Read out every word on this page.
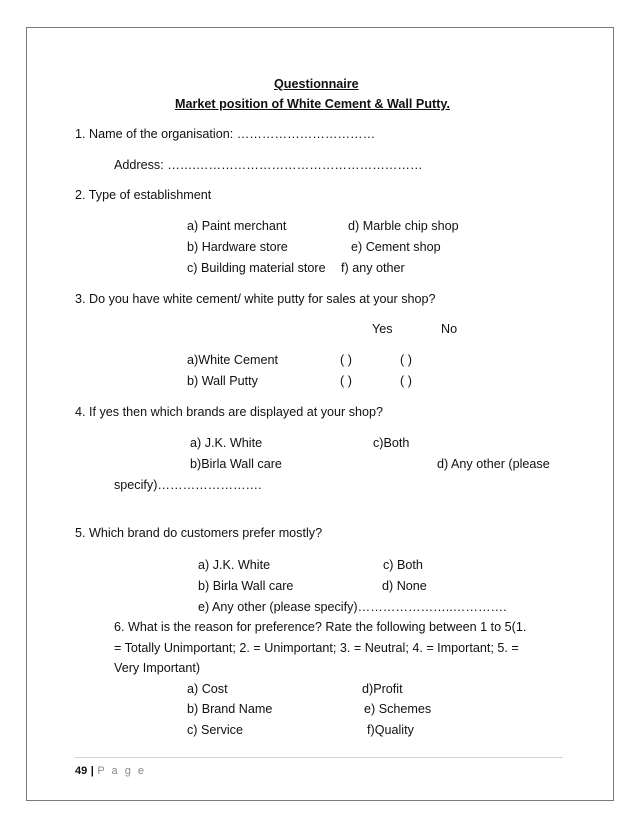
Questionnaire
Market position of White Cement & Wall Putty.
1. Name of the organisation: ……………………………
Address: …….………………………………………………
2. Type of establishment
a) Paint merchant	d) Marble chip shop
b) Hardware store	e) Cement shop
c) Building material store f) any other
3. Do you have white cement/ white putty for sales at your shop?
Yes	No
a)White Cement	( )	( )
b) Wall Putty	( )	( )
4. If yes then which brands are displayed at your shop?
a) J.K. White	c)Both
b)Birla Wall care	d) Any other (please
specify)…………………….
5. Which brand do customers prefer mostly?
a) J.K. White	c) Both
b) Birla Wall care	d) None
e) Any other (please specify)…………………..………….
6. What is the reason for preference? Rate the following between 1 to 5(1.
= Totally Unimportant; 2. = Unimportant; 3. = Neutral; 4. = Important; 5. =
Very Important)
a) Cost	d)Profit
b) Brand Name	e) Schemes
c) Service	f)Quality
49 | P a g e
